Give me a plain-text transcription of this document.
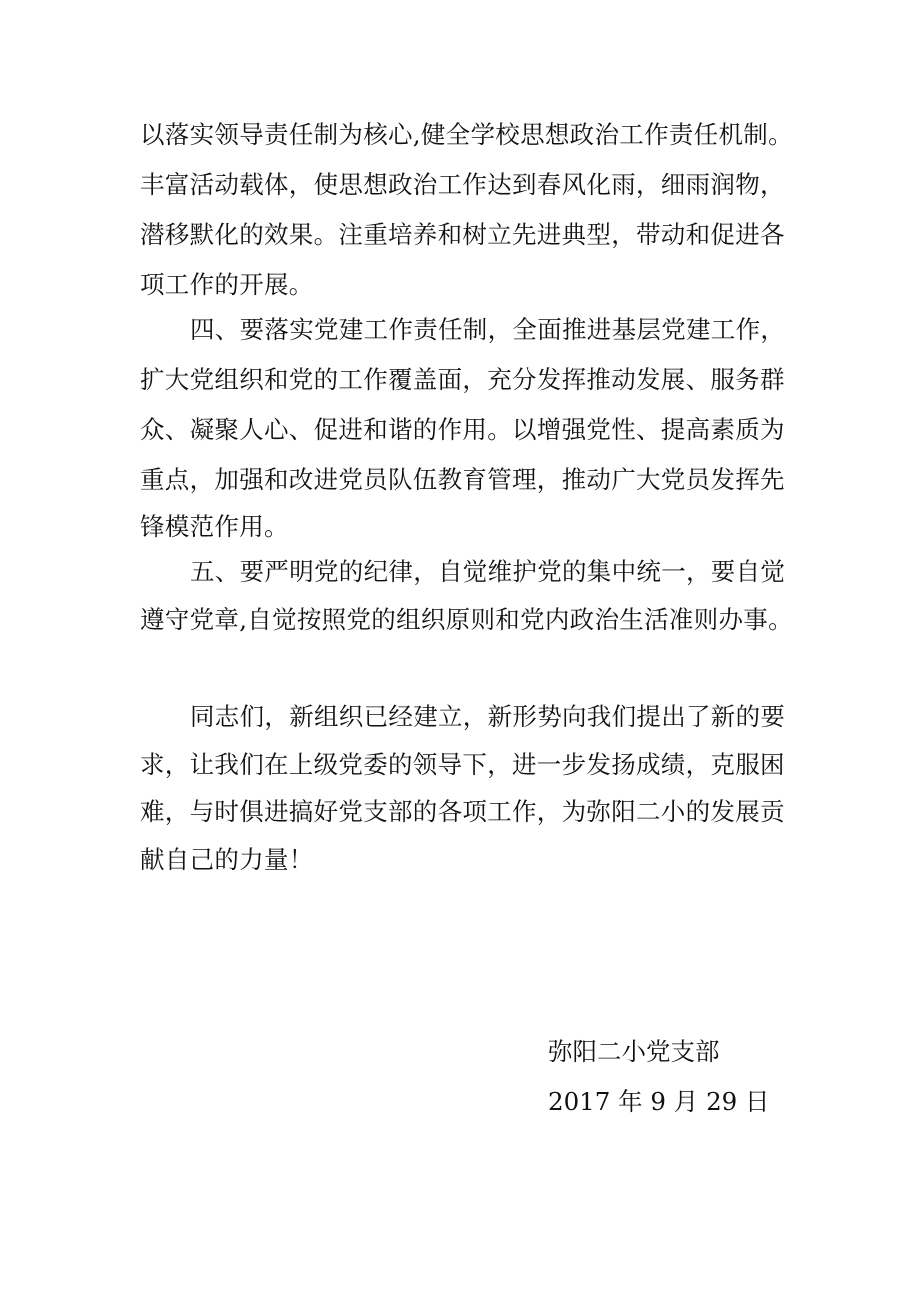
以落实领导责任制为核心,健全学校思想政治工作责任机制。
丰富活动载体，使思想政治工作达到春风化雨，细雨润物，
潜移默化的效果。注重培养和树立先进典型，带动和促进各
项工作的开展。
四、要落实党建工作责任制，全面推进基层党建工作，
扩大党组织和党的工作覆盖面，充分发挥推动发展、服务群
众、凝聚人心、促进和谐的作用。以增强党性、提高素质为
重点，加强和改进党员队伍教育管理，推动广大党员发挥先
锋模范作用。
五、要严明党的纪律，自觉维护党的集中统一，要自觉
遵守党章,自觉按照党的组织原则和党内政治生活准则办事。
同志们，新组织已经建立，新形势向我们提出了新的要
求，让我们在上级党委的领导下，进一步发扬成绩，克服困
难，与时俱进搞好党支部的各项工作，为弥阳二小的发展贡
献自己的力量！
弥阳二小党支部
2017 年 9 月 29 日
